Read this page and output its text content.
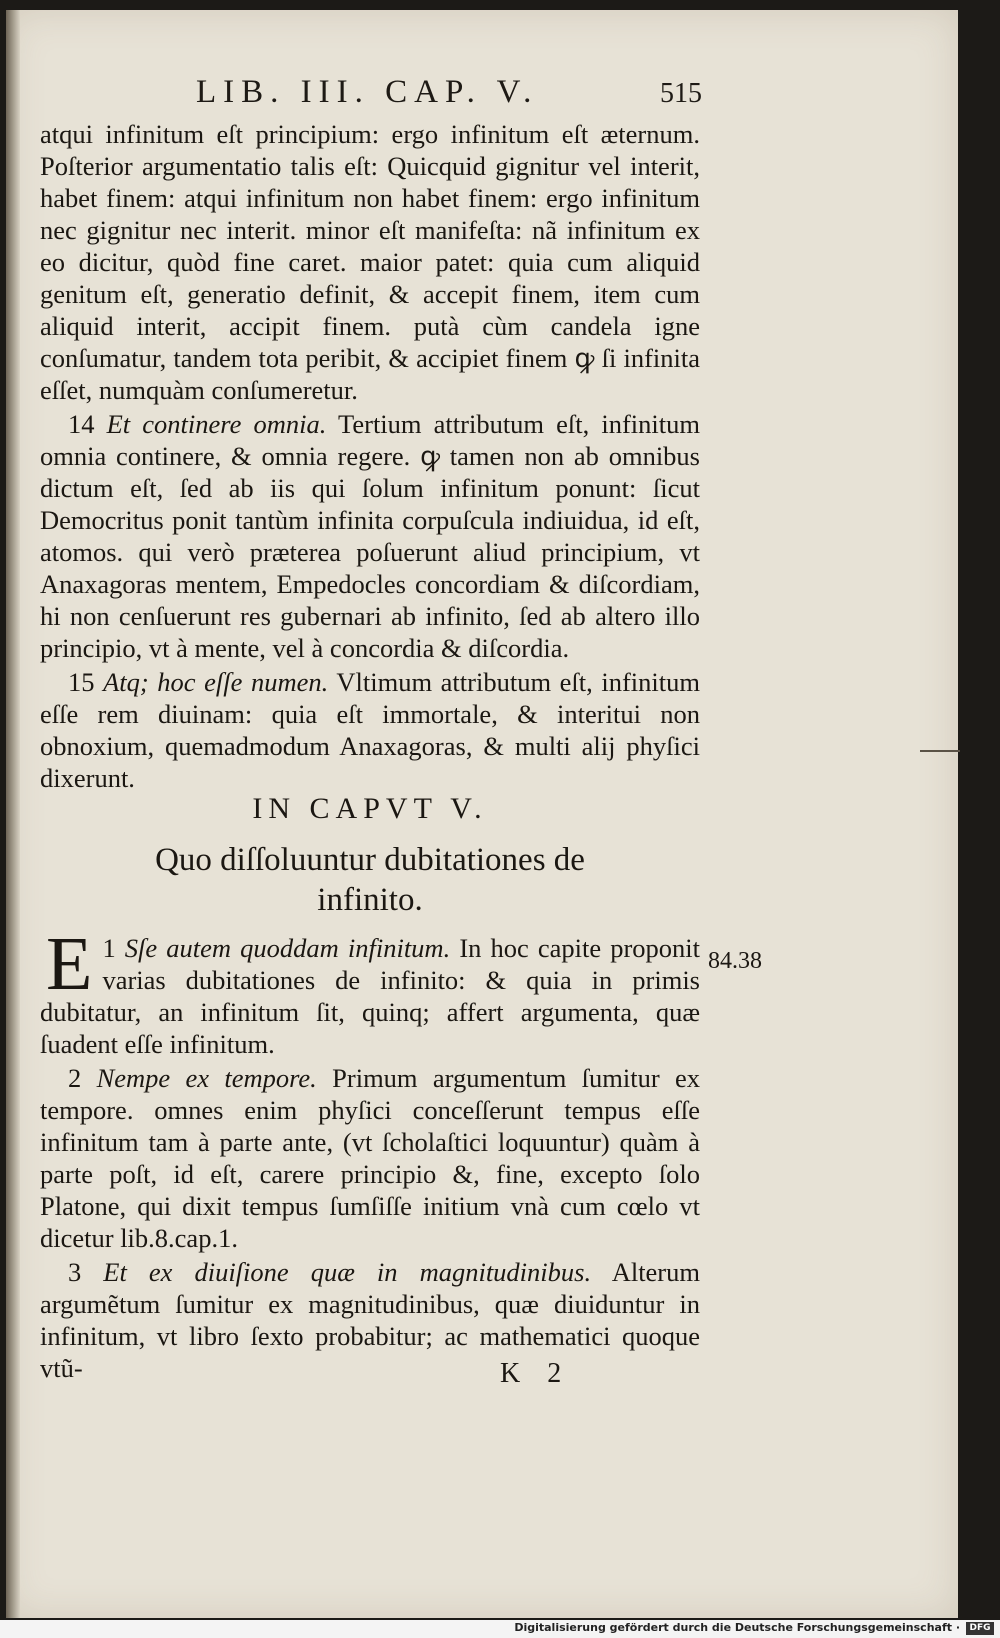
LIB. III. CAP. V.	515

atqui infinitum eſt principium: ergo infinitum eſt æternum. Poſterior argumentatio talis eſt: Quicquid gignitur vel interit, habet finem: atqui infinitum non habet finem: ergo infinitum nec gignitur nec interit. minor eſt manifeſta: nã infinitum ex eo dicitur, quòd fine caret. maior patet: quia cum aliquid genitum eſt, generatio definit, & accepit finem, item cum aliquid interit, accipit finem. putà cùm candela igne conſumatur, tandem tota peribit, & accipiet finem ꝙ ſi infinita eſſet, numquàm conſumeretur.

14 Et continere omnia. Tertium attributum eſt, infinitum omnia continere, & omnia regere. ꝙ tamen non ab omnibus dictum eſt, ſed ab iis qui ſolum infinitum ponunt: ſicut Democritus ponit tantùm infinita corpuſcula indiuidua, id eſt, atomos. qui verò præterea poſuerunt aliud principium, vt Anaxagoras mentem, Empedocles concordiam & diſcordiam, hi non cenſuerunt res gubernari ab infinito, ſed ab altero illo principio, vt à mente, vel à concordia & diſcordia.

15 Atq; hoc eſſe numen. Vltimum attributum eſt, infinitum eſſe rem diuinam: quia eſt immortale, & interitui non obnoxium, quemadmodum Anaxagoras, & multi alij phyſici dixerunt.

IN CAPVT V.
Quo diſſoluuntur dubitationes de infinito.

1
E Sſe autem quoddam infinitum. In hoc capite proponit varias dubitationes de infinito: & quia in primis dubitatur, an infinitum ſit, quinq; affert argumenta, quæ ſuadent eſſe infinitum.

2 Nempe ex tempore. Primum argumentum ſumitur ex tempore. omnes enim phyſici conceſſerunt tempus eſſe infinitum tam à parte ante, (vt ſcholaſtici loquuntur) quàm à parte poſt, id eſt, carere principio &, fine, excepto ſolo Platone, qui dixit tempus ſumſiſſe initium vnà cum cœlo vt dicetur lib.8.cap.1.

3 Et ex diuiſione quæ in magnitudinibus. Alterum argumẽtum ſumitur ex magnitudinibus, quæ diuiduntur in infinitum, vt libro ſexto probabitur; ac mathematici quoque vtũ-

84.38
K 2
Digitalisierung gefördert durch die Deutsche Forschungsgemeinschaft ·	DFG
